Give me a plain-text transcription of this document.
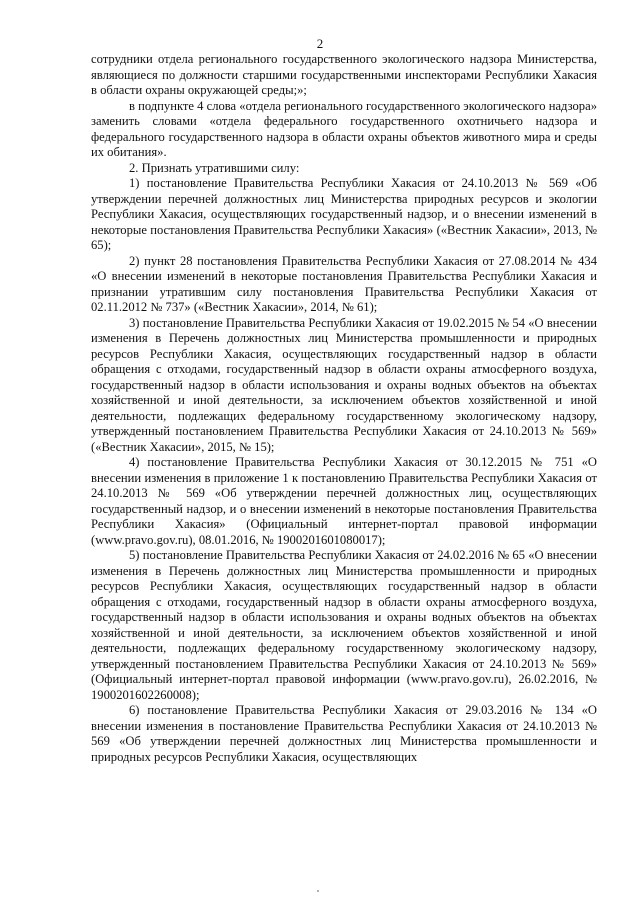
2

сотрудники отдела регионального государственного экологического надзора Министерства, являющиеся по должности старшими государственными инспекторами Республики Хакасия в области охраны окружающей среды;»;

в подпункте 4 слова «отдела регионального государственного экологического надзора» заменить словами «отдела федерального государственного охотничьего надзора и федерального государственного надзора в области охраны объектов животного мира и среды их обитания».

2. Признать утратившими силу:

1) постановление Правительства Республики Хакасия от 24.10.2013 № 569 «Об утверждении перечней должностных лиц Министерства природных ресурсов и экологии Республики Хакасия, осуществляющих государственный надзор, и о внесении изменений в некоторые постановления Правительства Республики Хакасия» («Вестник Хакасии», 2013, № 65);

2) пункт 28 постановления Правительства Республики Хакасия от 27.08.2014 № 434 «О внесении изменений в некоторые постановления Правительства Республики Хакасия и признании утратившим силу постановления Правительства Республики Хакасия от 02.11.2012 № 737» («Вестник Хакасии», 2014, № 61);

3) постановление Правительства Республики Хакасия от 19.02.2015 № 54 «О внесении изменения в Перечень должностных лиц Министерства промышленности и природных ресурсов Республики Хакасия, осуществляющих государственный надзор в области обращения с отходами, государственный надзор в области охраны атмосферного воздуха, государственный надзор в области использования и охраны водных объектов на объектах хозяйственной и иной деятельности, за исключением объектов хозяйственной и иной деятельности, подлежащих федеральному государственному экологическому надзору, утвержденный постановлением Правительства Республики Хакасия от 24.10.2013 № 569» («Вестник Хакасии», 2015, № 15);

4) постановление Правительства Республики Хакасия от 30.12.2015 № 751 «О внесении изменения в приложение 1 к постановлению Правительства Республики Хакасия от 24.10.2013 № 569 «Об утверждении перечней должностных лиц, осуществляющих государственный надзор, и о внесении изменений в некоторые постановления Правительства Республики Хакасия» (Официальный интернет-портал правовой информации (www.pravo.gov.ru), 08.01.2016, № 1900201601080017);

5) постановление Правительства Республики Хакасия от 24.02.2016 № 65 «О внесении изменения в Перечень должностных лиц Министерства промышленности и природных ресурсов Республики Хакасия, осуществляющих государственный надзор в области обращения с отходами, государственный надзор в области охраны атмосферного воздуха, государственный надзор в области использования и охраны водных объектов на объектах хозяйственной и иной деятельности, за исключением объектов хозяйственной и иной деятельности, подлежащих федеральному государственному экологическому надзору, утвержденный постановлением Правительства Республики Хакасия от 24.10.2013 № 569» (Официальный интернет-портал правовой информации (www.pravo.gov.ru), 26.02.2016, № 1900201602260008);

6) постановление Правительства Республики Хакасия от 29.03.2016 № 134 «О внесении изменения в постановление Правительства Республики Хакасия от 24.10.2013 № 569 «Об утверждении перечней должностных лиц Министерства промышленности и природных ресурсов Республики Хакасия, осуществляющих
